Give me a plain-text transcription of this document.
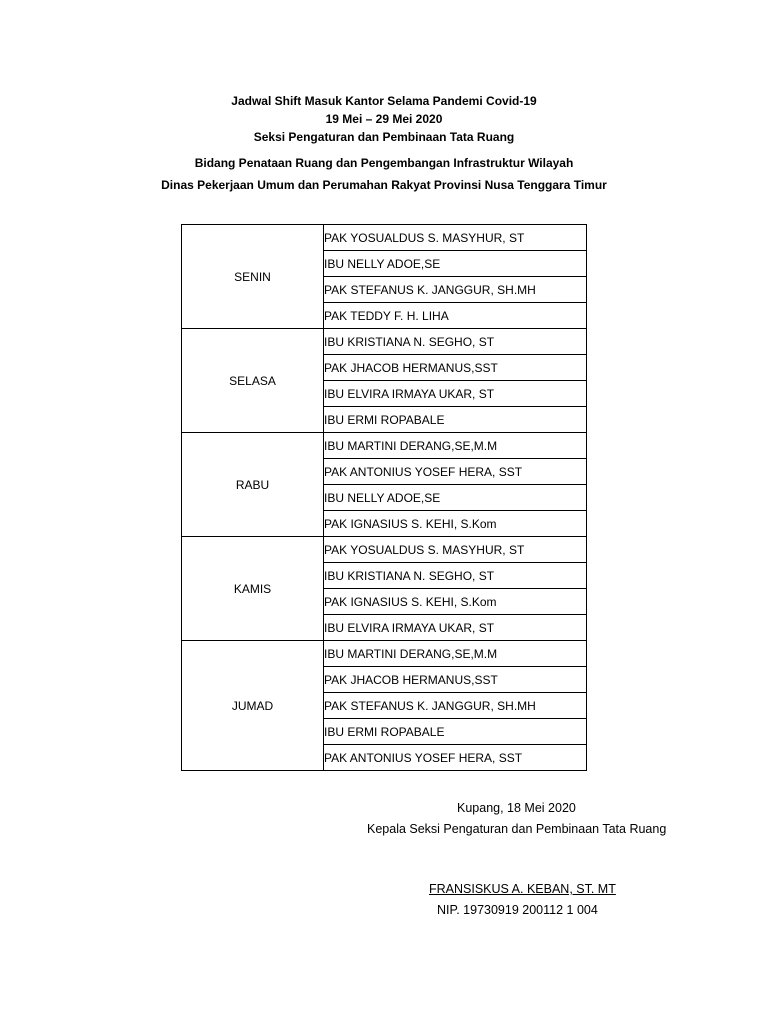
Jadwal Shift Masuk Kantor Selama Pandemi Covid-19
19 Mei – 29 Mei 2020
Seksi Pengaturan dan Pembinaan Tata Ruang
Bidang Penataan Ruang dan Pengembangan Infrastruktur Wilayah
Dinas Pekerjaan Umum dan Perumahan Rakyat Provinsi Nusa Tenggara Timur
SENIN	PAK YOSUALDUS S. MASYHUR, ST
	IBU NELLY ADOE,SE
	PAK STEFANUS K. JANGGUR, SH.MH
	PAK TEDDY F. H. LIHA
SELASA	IBU KRISTIANA N. SEGHO, ST
	PAK JHACOB HERMANUS,SST
	IBU ELVIRA IRMAYA UKAR, ST
	IBU ERMI ROPABALE
RABU	IBU MARTINI DERANG,SE,M.M
	PAK ANTONIUS YOSEF HERA, SST
	IBU NELLY ADOE,SE
	PAK IGNASIUS S. KEHI, S.Kom
KAMIS	PAK YOSUALDUS S. MASYHUR, ST
	IBU KRISTIANA N. SEGHO, ST
	PAK IGNASIUS S. KEHI, S.Kom
	IBU ELVIRA IRMAYA UKAR, ST
JUMAD	IBU MARTINI DERANG,SE,M.M
	PAK JHACOB HERMANUS,SST
	PAK STEFANUS K. JANGGUR, SH.MH
	IBU ERMI ROPABALE
	PAK ANTONIUS YOSEF HERA, SST
Kupang, 18 Mei 2020
Kepala Seksi Pengaturan dan Pembinaan Tata Ruang
FRANSISKUS A. KEBAN, ST. MT
NIP. 19730919 200112 1 004
